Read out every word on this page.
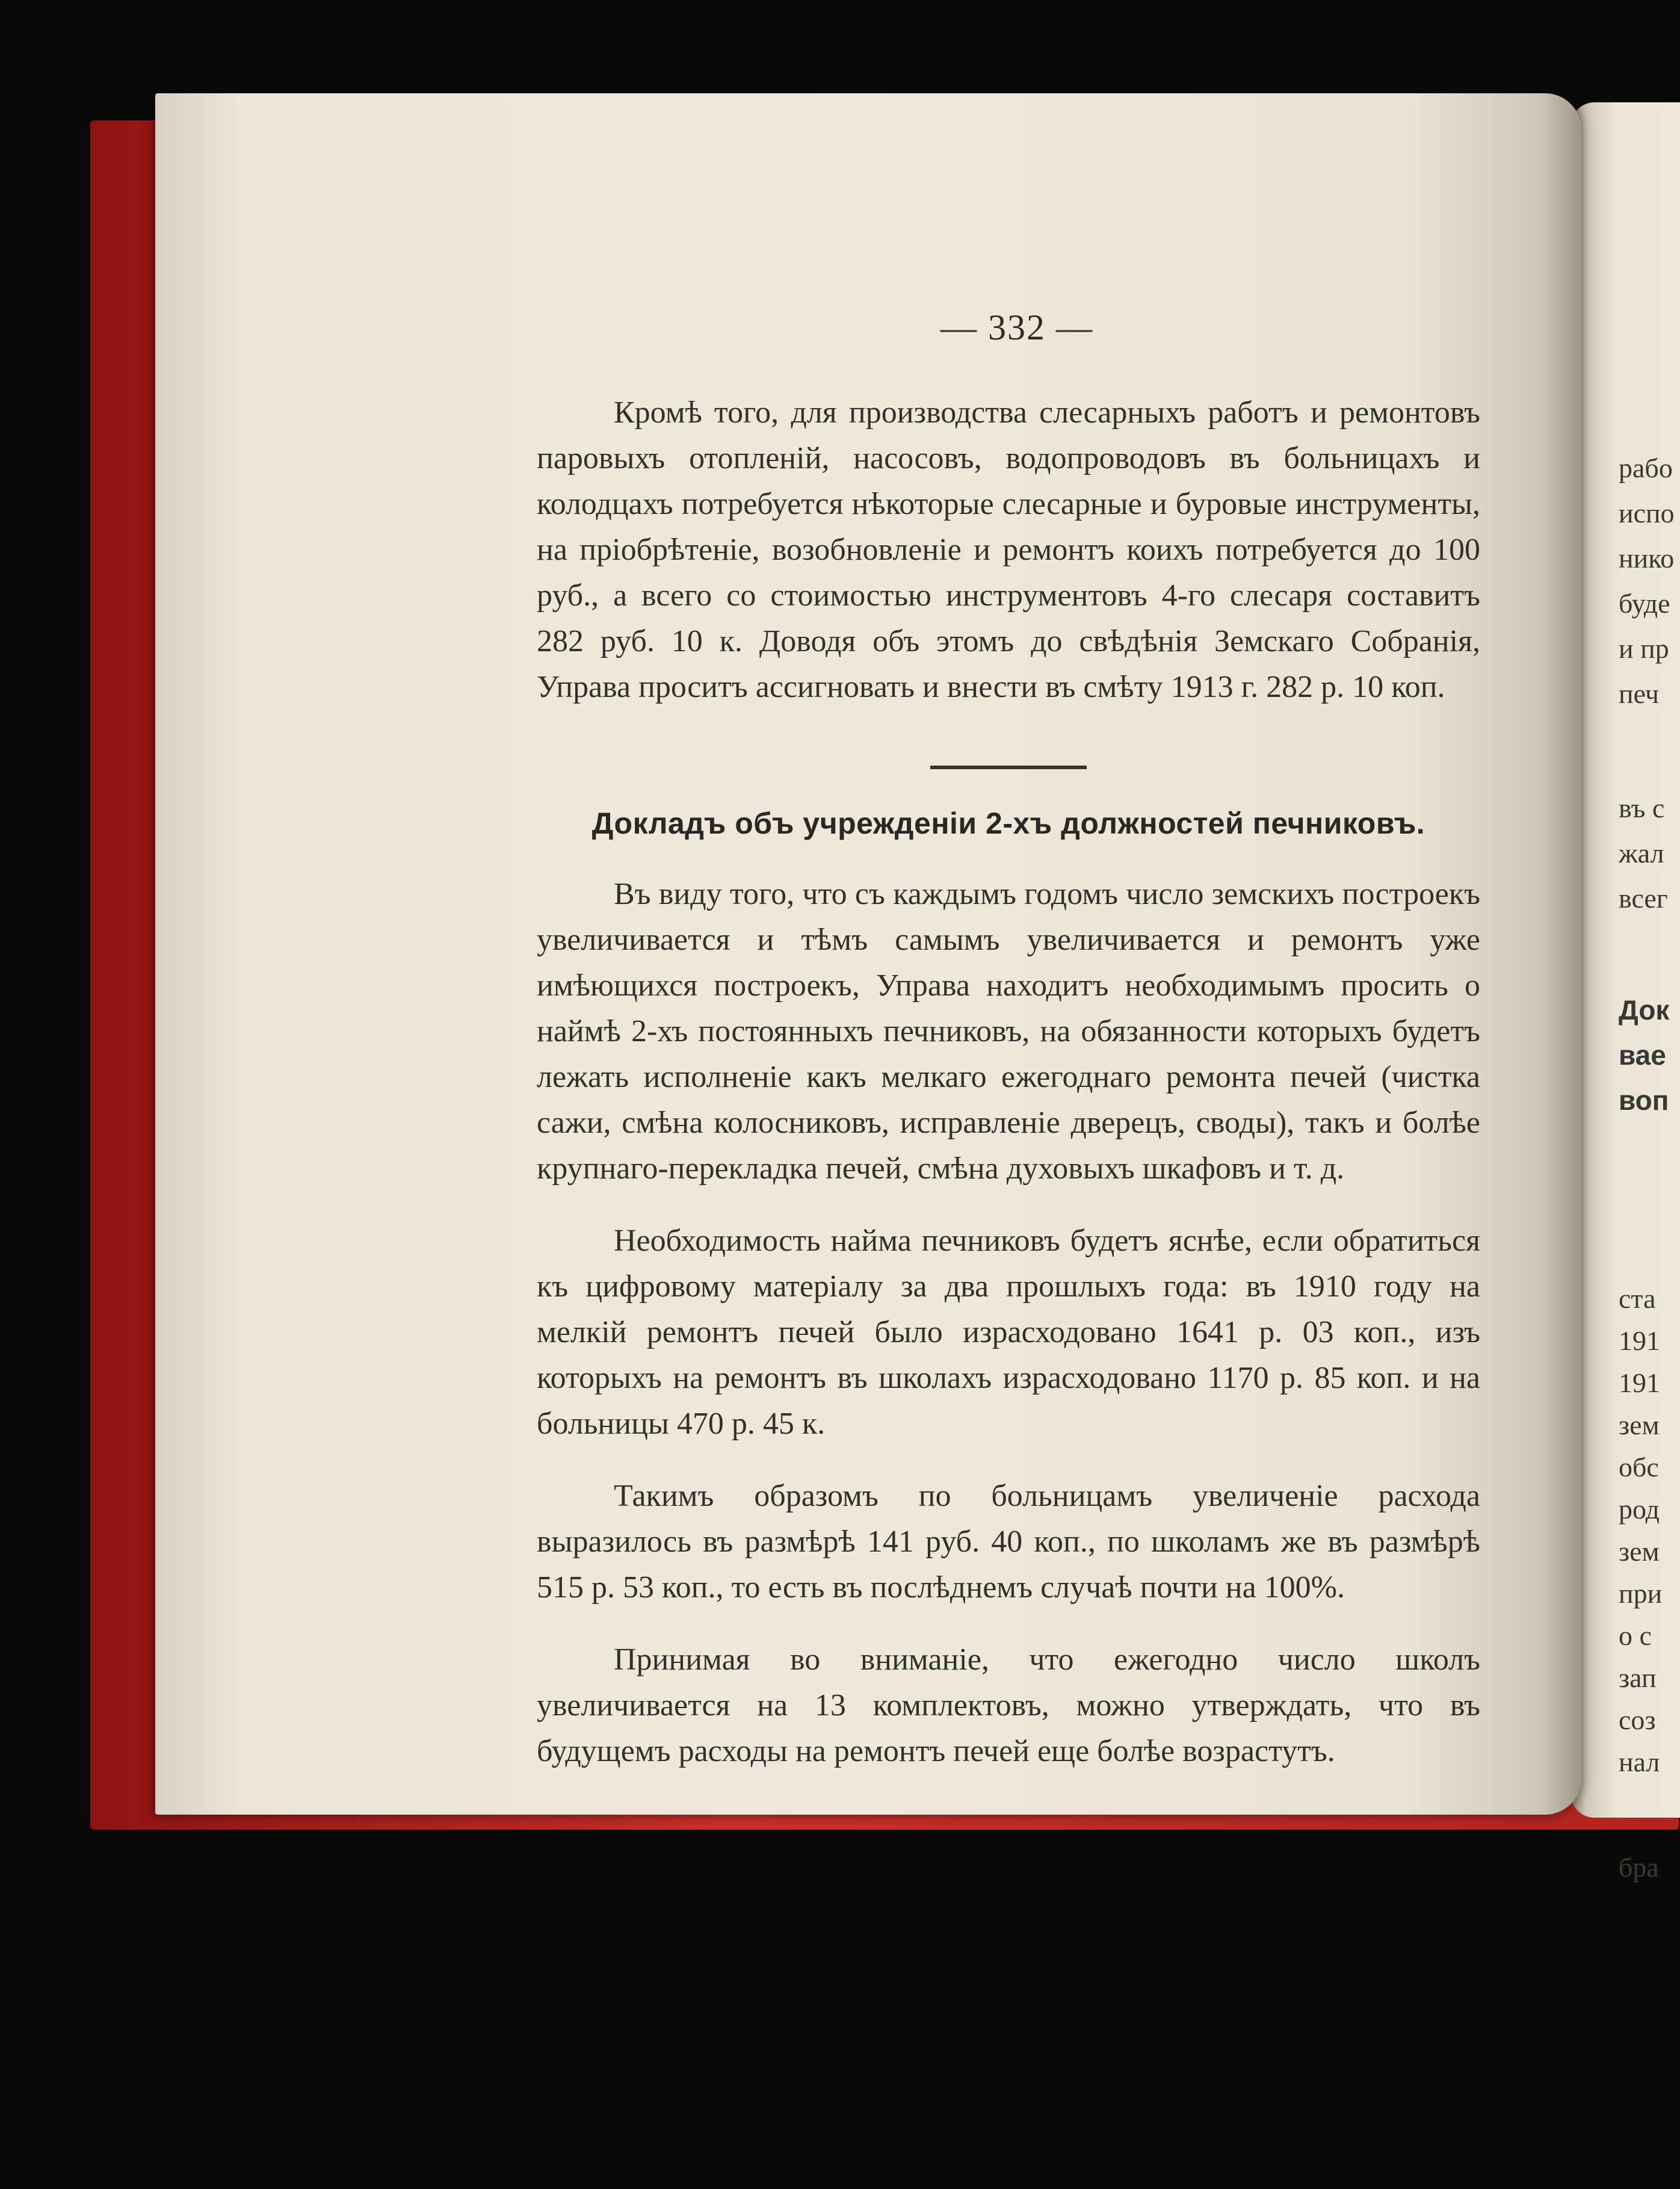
рабо
испо
нико
буде
и пр
печ
въ с
жал
всег
Док
вае
воп
ста
191
191
зем
обс
род
зем
при
о с
зап
соз
нал
бра
— 332 —

Кромѣ того, для производства слесарныхъ работъ и ремонтовъ паровыхъ отопленій, насосовъ, водопроводовъ въ больницахъ и колодцахъ потребуется нѣкоторые слесарные и буровые инструменты, на пріобрѣтеніе, возобновленіе и ремонтъ коихъ потребуется до 100 руб., а всего со стоимостью инструментовъ 4-го слесаря составитъ 282 руб. 10 к. Доводя объ этомъ до свѣдѣнія Земскаго Собранія, Управа проситъ ассигновать и внести въ смѣту 1913 г. 282 р. 10 коп.

Докладъ объ учрежденіи 2-хъ должностей печниковъ.

Въ виду того, что съ каждымъ годомъ число земскихъ построекъ увеличивается и тѣмъ самымъ увеличивается и ремонтъ уже имѣющихся построекъ, Управа находитъ необходимымъ просить о наймѣ 2-хъ постоянныхъ печниковъ, на обязанности которыхъ будетъ лежать исполненіе какъ мелкаго ежегоднаго ремонта печей (чистка сажи, смѣна колосниковъ, исправленіе дверецъ, своды), такъ и болѣе крупнаго-перекладка печей, смѣна духовыхъ шкафовъ и т. д.

Необходимость найма печниковъ будетъ яснѣе, если обратиться къ цифровому матеріалу за два прошлыхъ года: въ 1910 году на мелкій ремонтъ печей было израсходовано 1641 р. 03 коп., изъ которыхъ на ремонтъ въ школахъ израсходовано 1170 р. 85 коп. и на больницы 470 р. 45 к.

Такимъ образомъ по больницамъ увеличеніе расхода выразилось въ размѣрѣ 141 руб. 40 коп., по школамъ же въ размѣрѣ 515 р. 53 коп., то есть въ послѣднемъ случаѣ почти на 100%.

Принимая во вниманіе, что ежегодно число школъ увеличивается на 13 комплектовъ, можно утверждать, что въ будущемъ расходы на ремонтъ печей еще болѣе возрастутъ.
